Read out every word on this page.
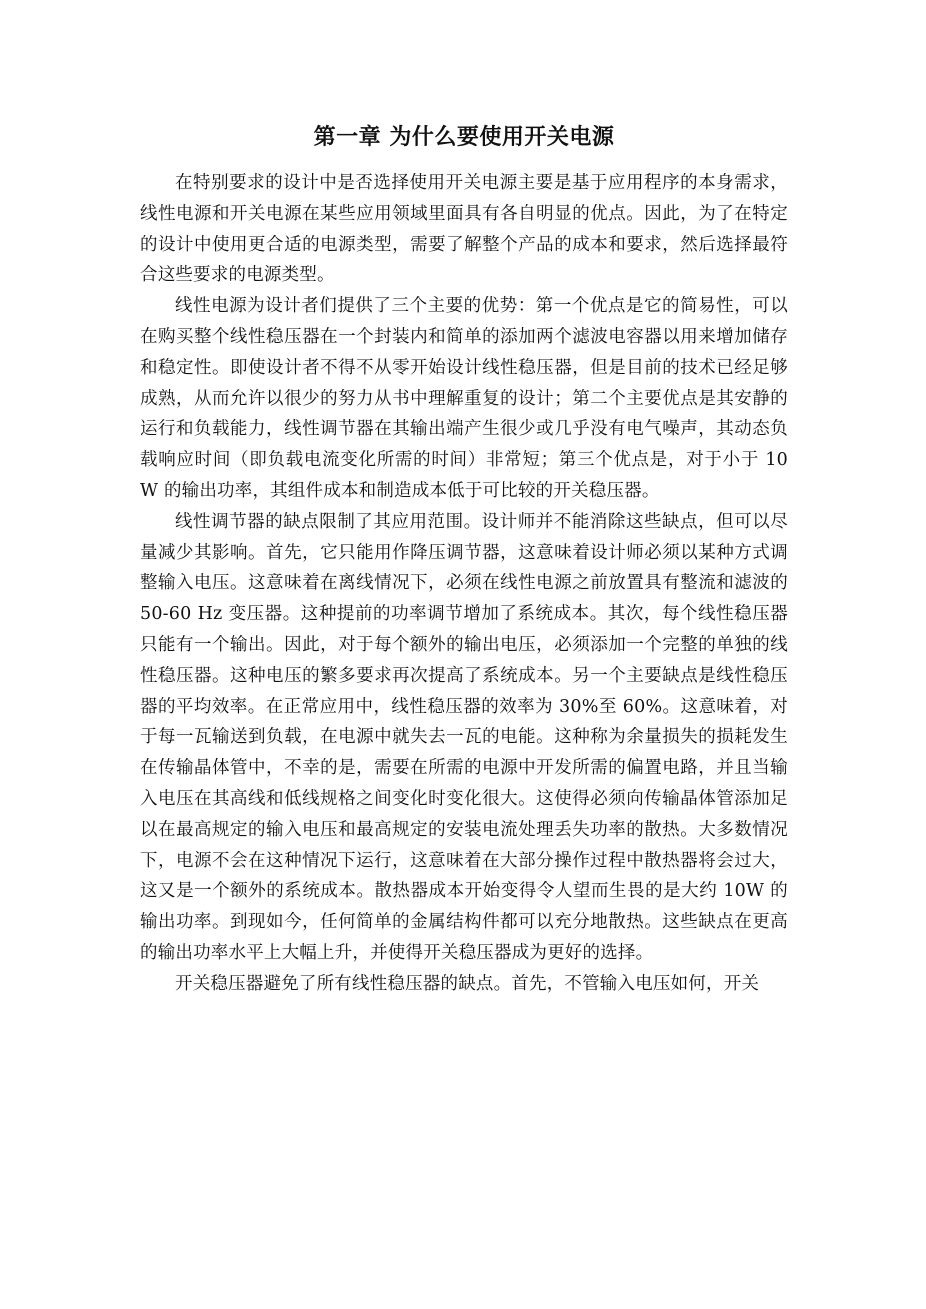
第一章 为什么要使用开关电源

在特别要求的设计中是否选择使用开关电源主要是基于应用程序的本身需求，线性电源和开关电源在某些应用领域里面具有各自明显的优点。因此，为了在特定的设计中使用更合适的电源类型，需要了解整个产品的成本和要求，然后选择最符合这些要求的电源类型。

线性电源为设计者们提供了三个主要的优势：第一个优点是它的简易性，可以在购买整个线性稳压器在一个封装内和简单的添加两个滤波电容器以用来增加储存和稳定性。即使设计者不得不从零开始设计线性稳压器，但是目前的技术已经足够成熟，从而允许以很少的努力从书中理解重复的设计；第二个主要优点是其安静的运行和负载能力，线性调节器在其输出端产生很少或几乎没有电气噪声，其动态负载响应时间（即负载电流变化所需的时间）非常短；第三个优点是，对于小于 10W 的输出功率，其组件成本和制造成本低于可比较的开关稳压器。

线性调节器的缺点限制了其应用范围。设计师并不能消除这些缺点，但可以尽量减少其影响。首先，它只能用作降压调节器，这意味着设计师必须以某种方式调整输入电压。这意味着在离线情况下，必须在线性电源之前放置具有整流和滤波的 50-60 Hz 变压器。这种提前的功率调节增加了系统成本。其次，每个线性稳压器只能有一个输出。因此，对于每个额外的输出电压，必须添加一个完整的单独的线性稳压器。这种电压的繁多要求再次提高了系统成本。另一个主要缺点是线性稳压器的平均效率。在正常应用中，线性稳压器的效率为 30%至 60%。这意味着，对于每一瓦输送到负载，在电源中就失去一瓦的电能。这种称为余量损失的损耗发生在传输晶体管中，不幸的是，需要在所需的电源中开发所需的偏置电路，并且当输入电压在其高线和低线规格之间变化时变化很大。这使得必须向传输晶体管添加足以在最高规定的输入电压和最高规定的安装电流处理丢失功率的散热。大多数情况下，电源不会在这种情况下运行，这意味着在大部分操作过程中散热器将会过大，这又是一个额外的系统成本。散热器成本开始变得令人望而生畏的是大约 10W 的输出功率。到现如今，任何简单的金属结构件都可以充分地散热。这些缺点在更高的输出功率水平上大幅上升，并使得开关稳压器成为更好的选择。

开关稳压器避免了所有线性稳压器的缺点。首先，不管输入电压如何，开关
